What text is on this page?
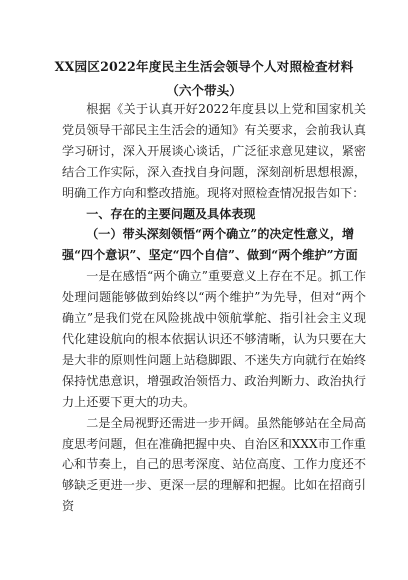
XX园区2022年度民主生活会领导个人对照检查材料
（六个带头）

根据《关于认真开好2022年度县以上党和国家机关党员领导干部民主生活会的通知》有关要求，会前我认真学习研讨，深入开展谈心谈话，广泛征求意见建议，紧密结合工作实际，深入查找自身问题，深刻剖析思想根源，明确工作方向和整改措施。现将对照检查情况报告如下：

一、存在的主要问题及具体表现

（一）带头深刻领悟“两个确立”的决定性意义，增强“四个意识”、坚定“四个自信”、做到“两个维护”方面

一是在感悟“两个确立”重要意义上存在不足。抓工作处理问题能够做到始终以“两个维护”为先导，但对“两个确立”是我们党在风险挑战中领航掌舵、指引社会主义现代化建设航向的根本依据认识还不够清晰，认为只要在大是大非的原则性问题上站稳脚跟、不迷失方向就行在始终保持忧患意识，增强政治领悟力、政治判断力、政治执行力上还要下更大的功夫。

二是全局视野还需进一步开阔。虽然能够站在全局高度思考问题，但在准确把握中央、自治区和XXX市工作重心和节奏上，自己的思考深度、站位高度、工作力度还不够缺乏更进一步、更深一层的理解和把握。比如在招商引资
